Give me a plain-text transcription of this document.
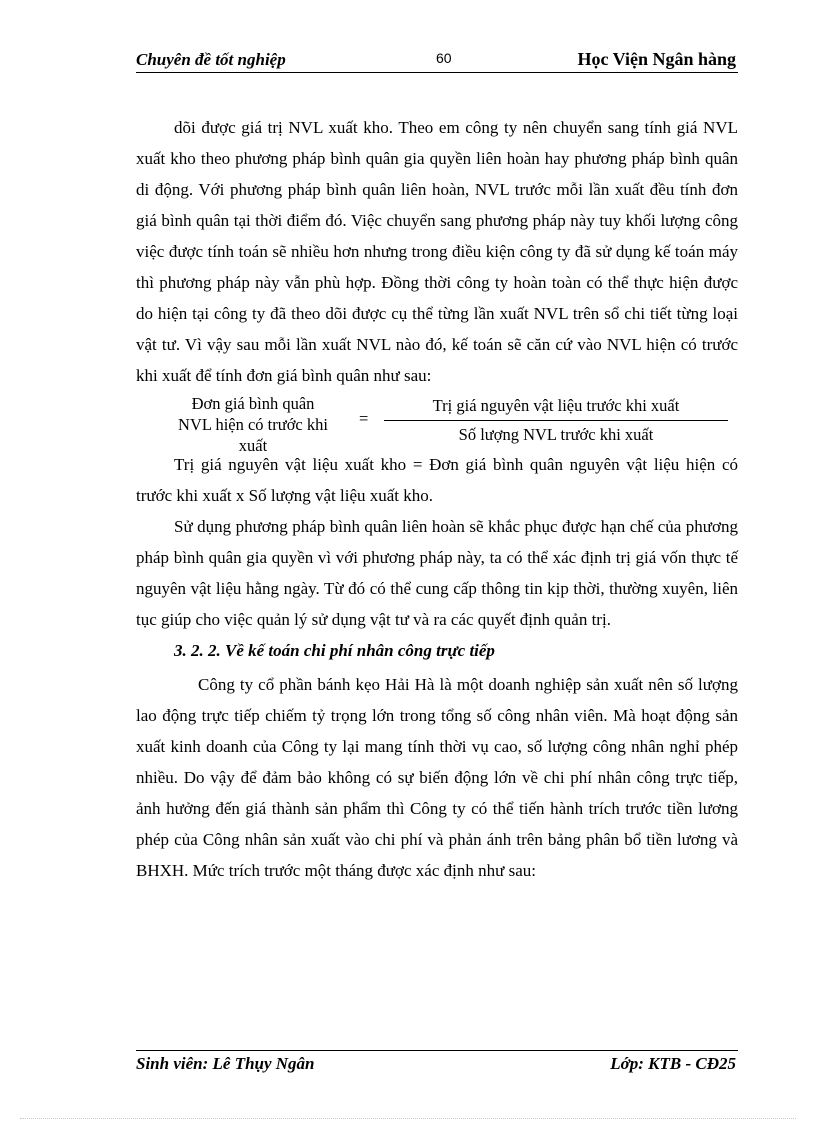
Chuyên đề tốt nghiệp	60	Học Viện Ngân hàng

dõi được giá trị NVL xuất kho. Theo em công ty nên chuyển sang tính giá NVL xuất kho theo phương pháp bình quân gia quyền liên hoàn hay phương pháp bình quân di động. Với phương pháp bình quân liên hoàn, NVL trước mỗi lần xuất đều tính đơn giá bình quân tại thời điểm đó. Việc chuyển sang phương pháp này tuy khối lượng công việc được tính toán sẽ nhiều hơn nhưng trong điều kiện công ty đã sử dụng kế toán máy thì phương pháp này vẫn phù hợp. Đồng thời công ty hoàn toàn có thể thực hiện được do hiện tại công ty đã theo dõi được cụ thể từng lần xuất NVL trên sổ chi tiết từng loại vật tư. Vì vậy sau mỗi lần xuất NVL nào đó, kế toán sẽ căn cứ vào NVL hiện có trước khi xuất để tính đơn giá bình quân như sau:

Đơn giá bình quân
NVL hiện có trước khi
xuất
=
Trị giá nguyên vật liệu trước khi xuất
Số lượng NVL trước khi xuất

Trị giá nguyên vật liệu xuất kho = Đơn giá bình quân nguyên vật liệu hiện có trước khi xuất x Số lượng vật liệu xuất kho.

Sử dụng phương pháp bình quân liên hoàn sẽ khắc phục được hạn chế của phương pháp bình quân gia quyền vì với phương pháp này, ta có thể xác định trị giá vốn thực tế nguyên vật liệu hằng ngày. Từ đó có thể cung cấp thông tin kịp thời, thường xuyên, liên tục giúp cho việc quản lý sử dụng vật tư và ra các quyết định quản trị.

3. 2. 2. Về kế toán chi phí nhân công trực tiếp

Công ty cổ phần bánh kẹo Hải Hà là một doanh nghiệp sản xuất nên số lượng lao động trực tiếp chiếm tỷ trọng lớn trong tổng số công nhân viên. Mà hoạt động sản xuất kinh doanh của Công ty lại mang tính thời vụ cao, số lượng công nhân nghỉ phép nhiều. Do vậy để đảm bảo không có sự biến động lớn về chi phí nhân công trực tiếp, ảnh hưởng đến giá thành sản phẩm thì Công ty có thể tiến hành trích trước tiền lương phép của Công nhân sản xuất vào chi phí và phản ánh trên bảng phân bổ tiền lương và BHXH. Mức trích trước một tháng được xác định như sau:

Sinh viên: Lê Thụy Ngân	Lớp: KTB - CĐ25
